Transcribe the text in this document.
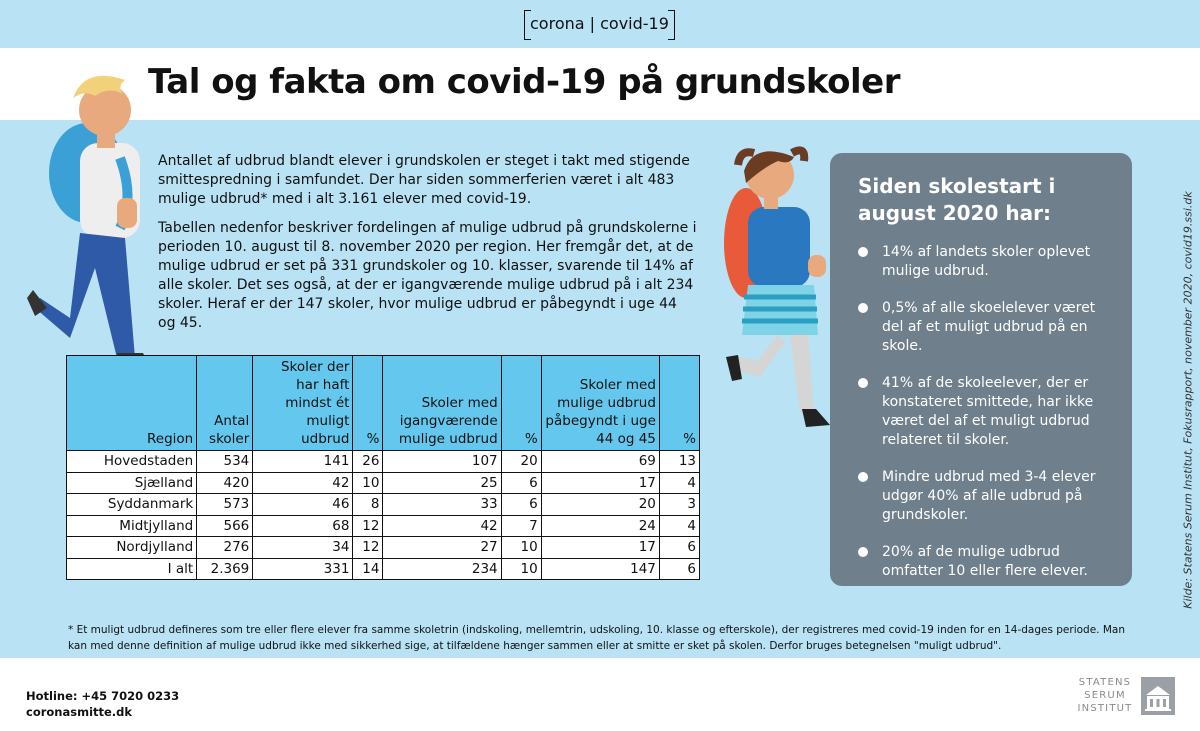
corona | covid-19
Tal og fakta om covid-19 på grundskoler

Antallet af udbrud blandt elever i grundskolen er steget i takt med stigende smittespredning i samfundet. Der har siden sommerferien været i alt 483 mulige udbrud* med i alt 3.161 elever med covid-19.

Tabellen nedenfor beskriver fordelingen af mulige udbrud på grundskolerne i perioden 10. august til 8. november 2020 per region. Her fremgår det, at de mulige udbrud er set på 331 grundskoler og 10. klasser, svarende til 14% af alle skoler. Det ses også, at der er igangværende mulige udbrud på i alt 234 skoler. Heraf er der 147 skoler, hvor mulige udbrud er påbegyndt i uge 44 og 45.

Region	Antal skoler	Skoler der har haft mindst ét muligt udbrud	%	Skoler med igangværende mulige udbrud	%	Skoler med mulige udbrud påbegyndt i uge 44 og 45	%
Hovedstaden	534	141	26	107	20	69	13
Sjælland	420	42	10	25	6	17	4
Syddanmark	573	46	8	33	6	20	3
Midtjylland	566	68	12	42	7	24	4
Nordjylland	276	34	12	27	10	17	6
I alt	2.369	331	14	234	10	147	6
Siden skolestart i august 2020 har:
14% af landets skoler oplevet mulige udbrud.
0,5% af alle skoelelever været del af et muligt udbrud på en skole.
41% af de skoleelever, der er konstateret smittede, har ikke været del af et muligt udbrud relateret til skoler.
Mindre udbrud med 3-4 elever udgør 40% af alle udbrud på grundskoler.
20% af de mulige udbrud omfatter 10 eller flere elever.	Kilde: Statens Serum Institut, Fokusrapport, november 2020, covid19.ssi.dk

* Et muligt udbrud defineres som tre eller flere elever fra samme skoletrin (indskoling, mellemtrin, udskoling, 10. klasse og efterskole), der registreres med covid-19 inden for en 14-dages periode. Man kan med denne definition af mulige udbrud ikke med sikkerhed sige, at tilfældene hænger sammen eller at smitte er sket på skolen. Derfor bruges betegnelsen "muligt udbrud".

Hotline: +45 7020 0233
coronasmitte.dk
STATENS
SERUM
INSTITUT
